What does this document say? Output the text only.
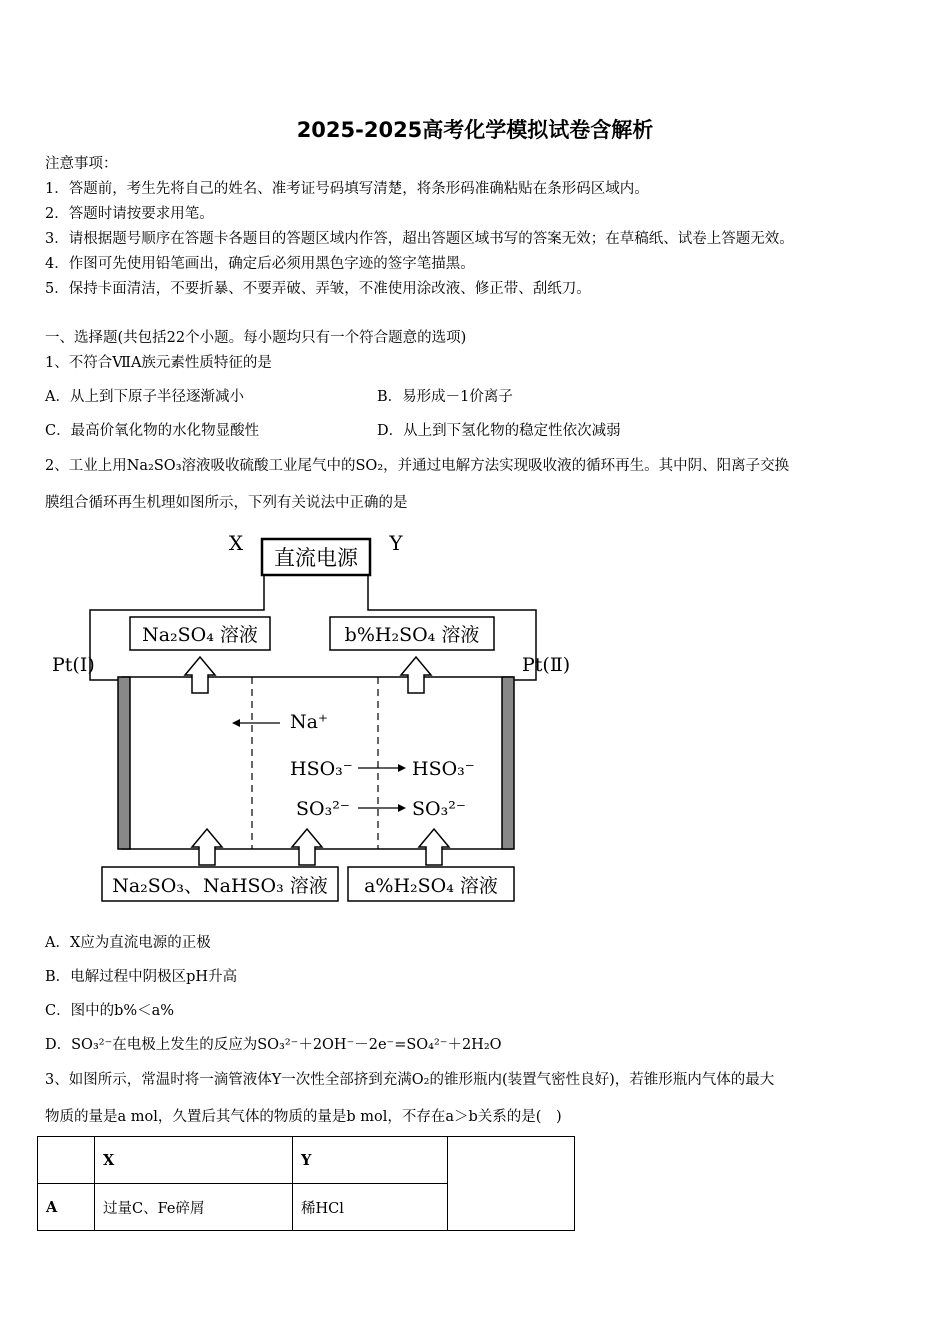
2025-2025高考化学模拟试卷含解析
注意事项：
1．答题前，考生先将自己的姓名、准考证号码填写清楚，将条形码准确粘贴在条形码区域内。
2．答题时请按要求用笔。
3．请根据题号顺序在答题卡各题目的答题区域内作答，超出答题区域书写的答案无效；在草稿纸、试卷上答题无效。
4．作图可先使用铅笔画出，确定后必须用黑色字迹的签字笔描黑。
5．保持卡面清洁，不要折暴、不要弄破、弄皱，不准使用涂改液、修正带、刮纸刀。
一、选择题(共包括22个小题。每小题均只有一个符合题意的选项)
1、不符合ⅦA族元素性质特征的是
A．从上到下原子半径逐渐减小	B．易形成－1价离子
C．最高价氧化物的水化物显酸性	D．从上到下氢化物的稳定性依次减弱
2、工业上用Na₂SO₃溶液吸收硫酸工业尾气中的SO₂，并通过电解方法实现吸收液的循环再生。其中阴、阳离子交换
膜组合循环再生机理如图所示，下列有关说法中正确的是
直流电源
X	Y
Na₂SO₄ 溶液	b%H₂SO₄ 溶液
Pt(Ⅰ)	Pt(Ⅱ)
Na⁺
HSO₃⁻	HSO₃⁻
SO₃²⁻	SO₃²⁻
Na₂SO₃、NaHSO₃ 溶液 a%H₂SO₄ 溶液
A．X应为直流电源的正极
B．电解过程中阴极区pH升高
C．图中的b%＜a%
D．SO₃²⁻在电极上发生的反应为SO₃²⁻＋2OH⁻－2e⁻=SO₄²⁻＋2H₂O
3、如图所示，常温时将一滴管液体Y一次性全部挤到充满O₂的锥形瓶内(装置气密性良好)，若锥形瓶内气体的最大
物质的量是a mol，久置后其气体的物质的量是b mol，不存在a＞b关系的是(　)
	X	Y	
A	过量C、Fe碎屑	稀HCl	
